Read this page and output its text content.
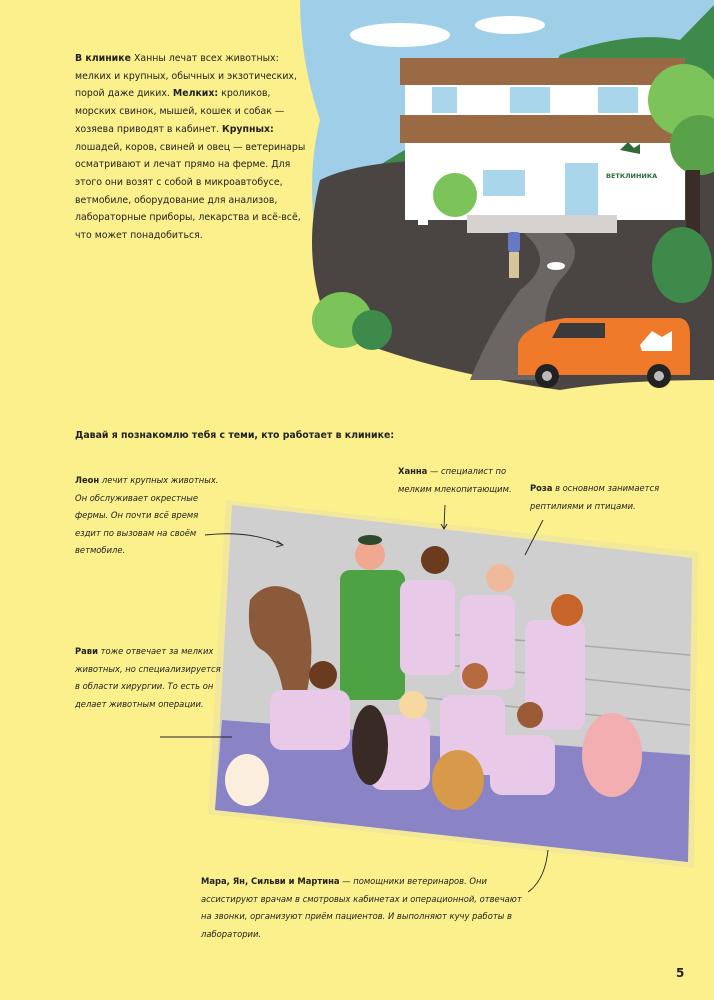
ВЕТКЛИНИКА
В клинике Ханны лечат всех животных: мелких и крупных, обычных и экзотических, порой даже диких. Мелких: кроликов, морских свинок, мышей, кошек и собак — хозяева приводят в кабинет. Крупных: лошадей, коров, свиней и овец — ветеринары осматривают и лечат прямо на ферме. Для этого они возят с собой в микроавтобусе, ветмобиле, оборудование для анализов, лабораторные приборы, лекарства и всё-всё, что может понадобиться.
Давай я познакомлю тебя с теми, кто работает в клинике:
Леон лечит крупных животных. Он обслуживает окрестные фермы. Он почти всё время ездит по вызовам на своём ветмобиле.
Ханна — специалист по мелким млекопитающим. Роза в основном занимается рептилиями и птицами.
Рави тоже отвечает за мелких животных, но специализируется в области хирургии. То есть он делает животным операции.
Мара, Ян, Сильви и Мартина — помощники ветеринаров. Они ассистируют врачам в смотровых кабинетах и операционной, отвечают на звонки, организуют приём пациентов. И выполняют кучу работы в лаборатории.
5
